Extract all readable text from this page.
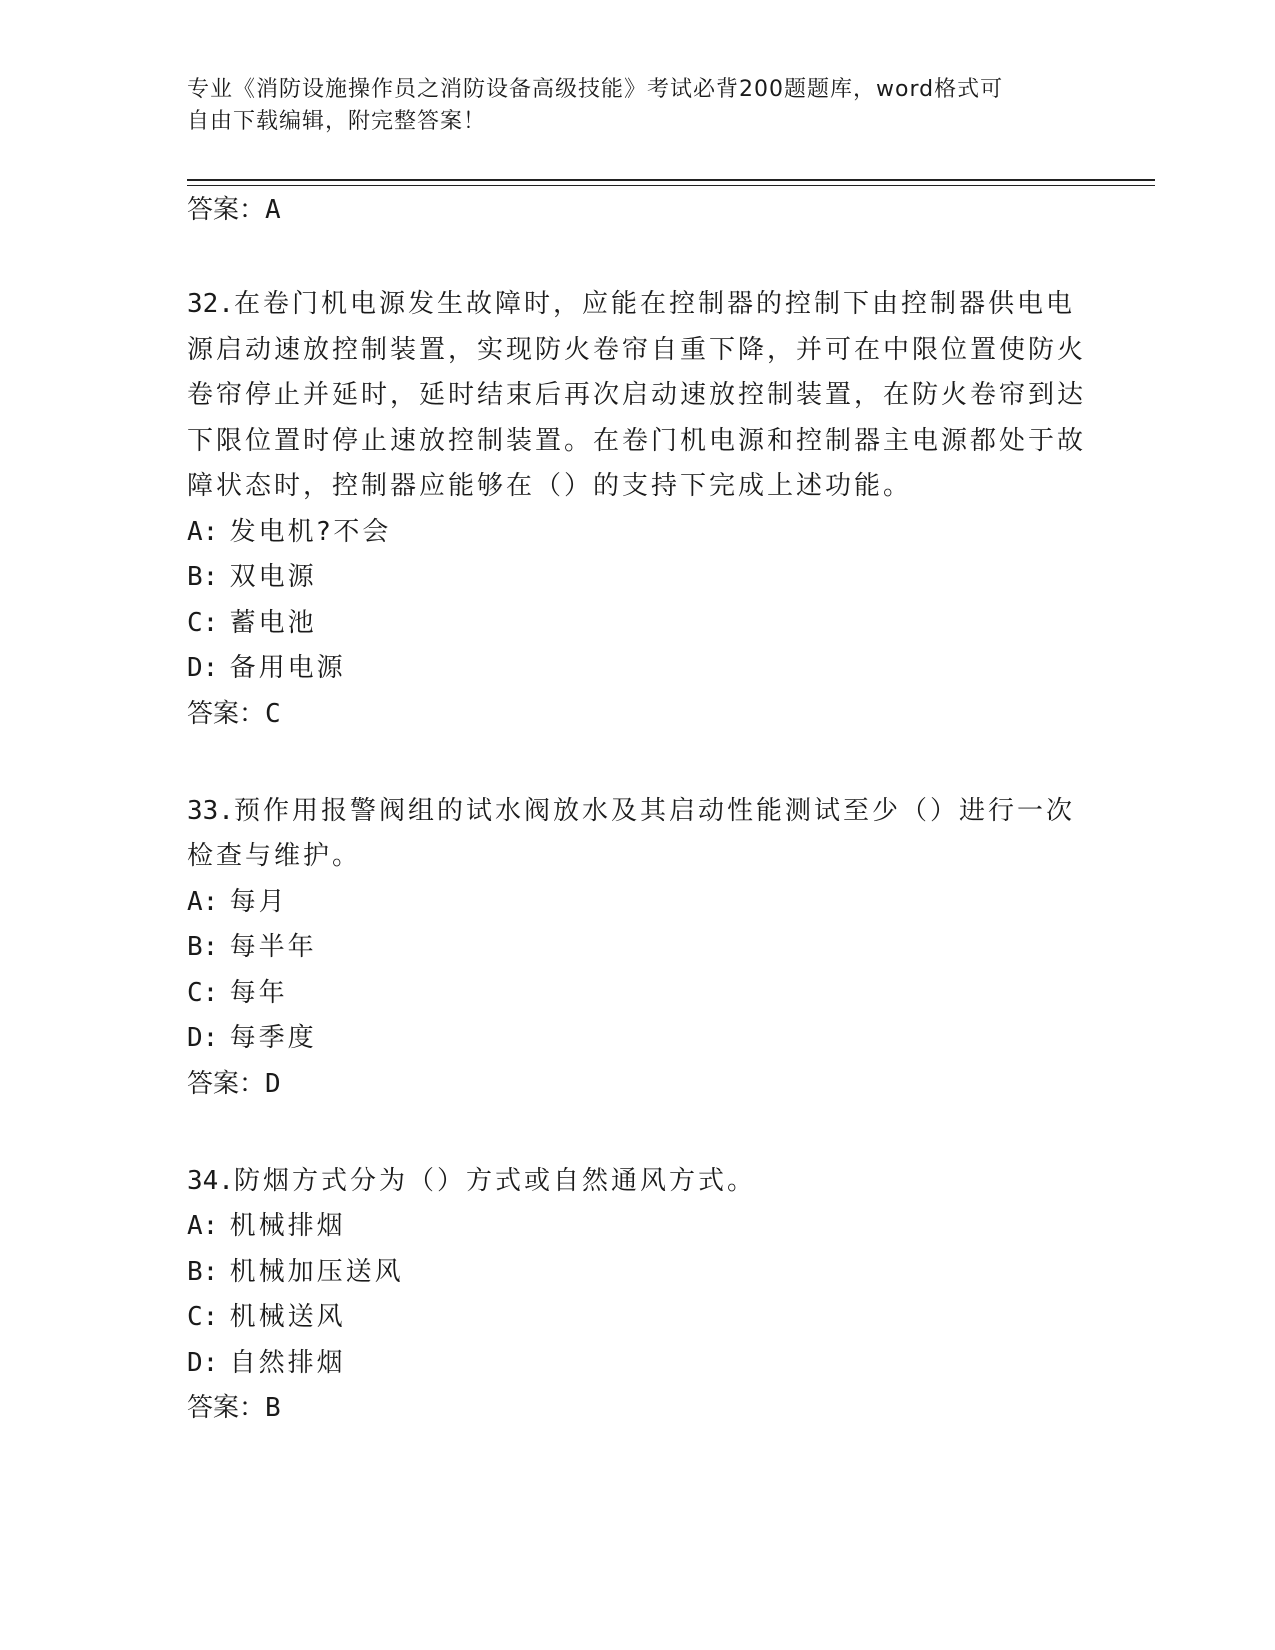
专业《消防设施操作员之消防设备高级技能》考试必背200题题库，word格式可
自由下载编辑，附完整答案！
答案：A
32.在卷门机电源发生故障时，应能在控制器的控制下由控制器供电电源启动速放控制装置，实现防火卷帘自重下降，并可在中限位置使防火卷帘停止并延时，延时结束后再次启动速放控制装置，在防火卷帘到达下限位置时停止速放控制装置。在卷门机电源和控制器主电源都处于故障状态时，控制器应能够在（）的支持下完成上述功能。
A: 发电机?不会
B: 双电源
C: 蓄电池
D: 备用电源
答案：C
33.预作用报警阀组的试水阀放水及其启动性能测试至少（）进行一次检查与维护。
A: 每月
B: 每半年
C: 每年
D: 每季度
答案：D
34.防烟方式分为（）方式或自然通风方式。
A: 机械排烟
B: 机械加压送风
C: 机械送风
D: 自然排烟
答案：B
